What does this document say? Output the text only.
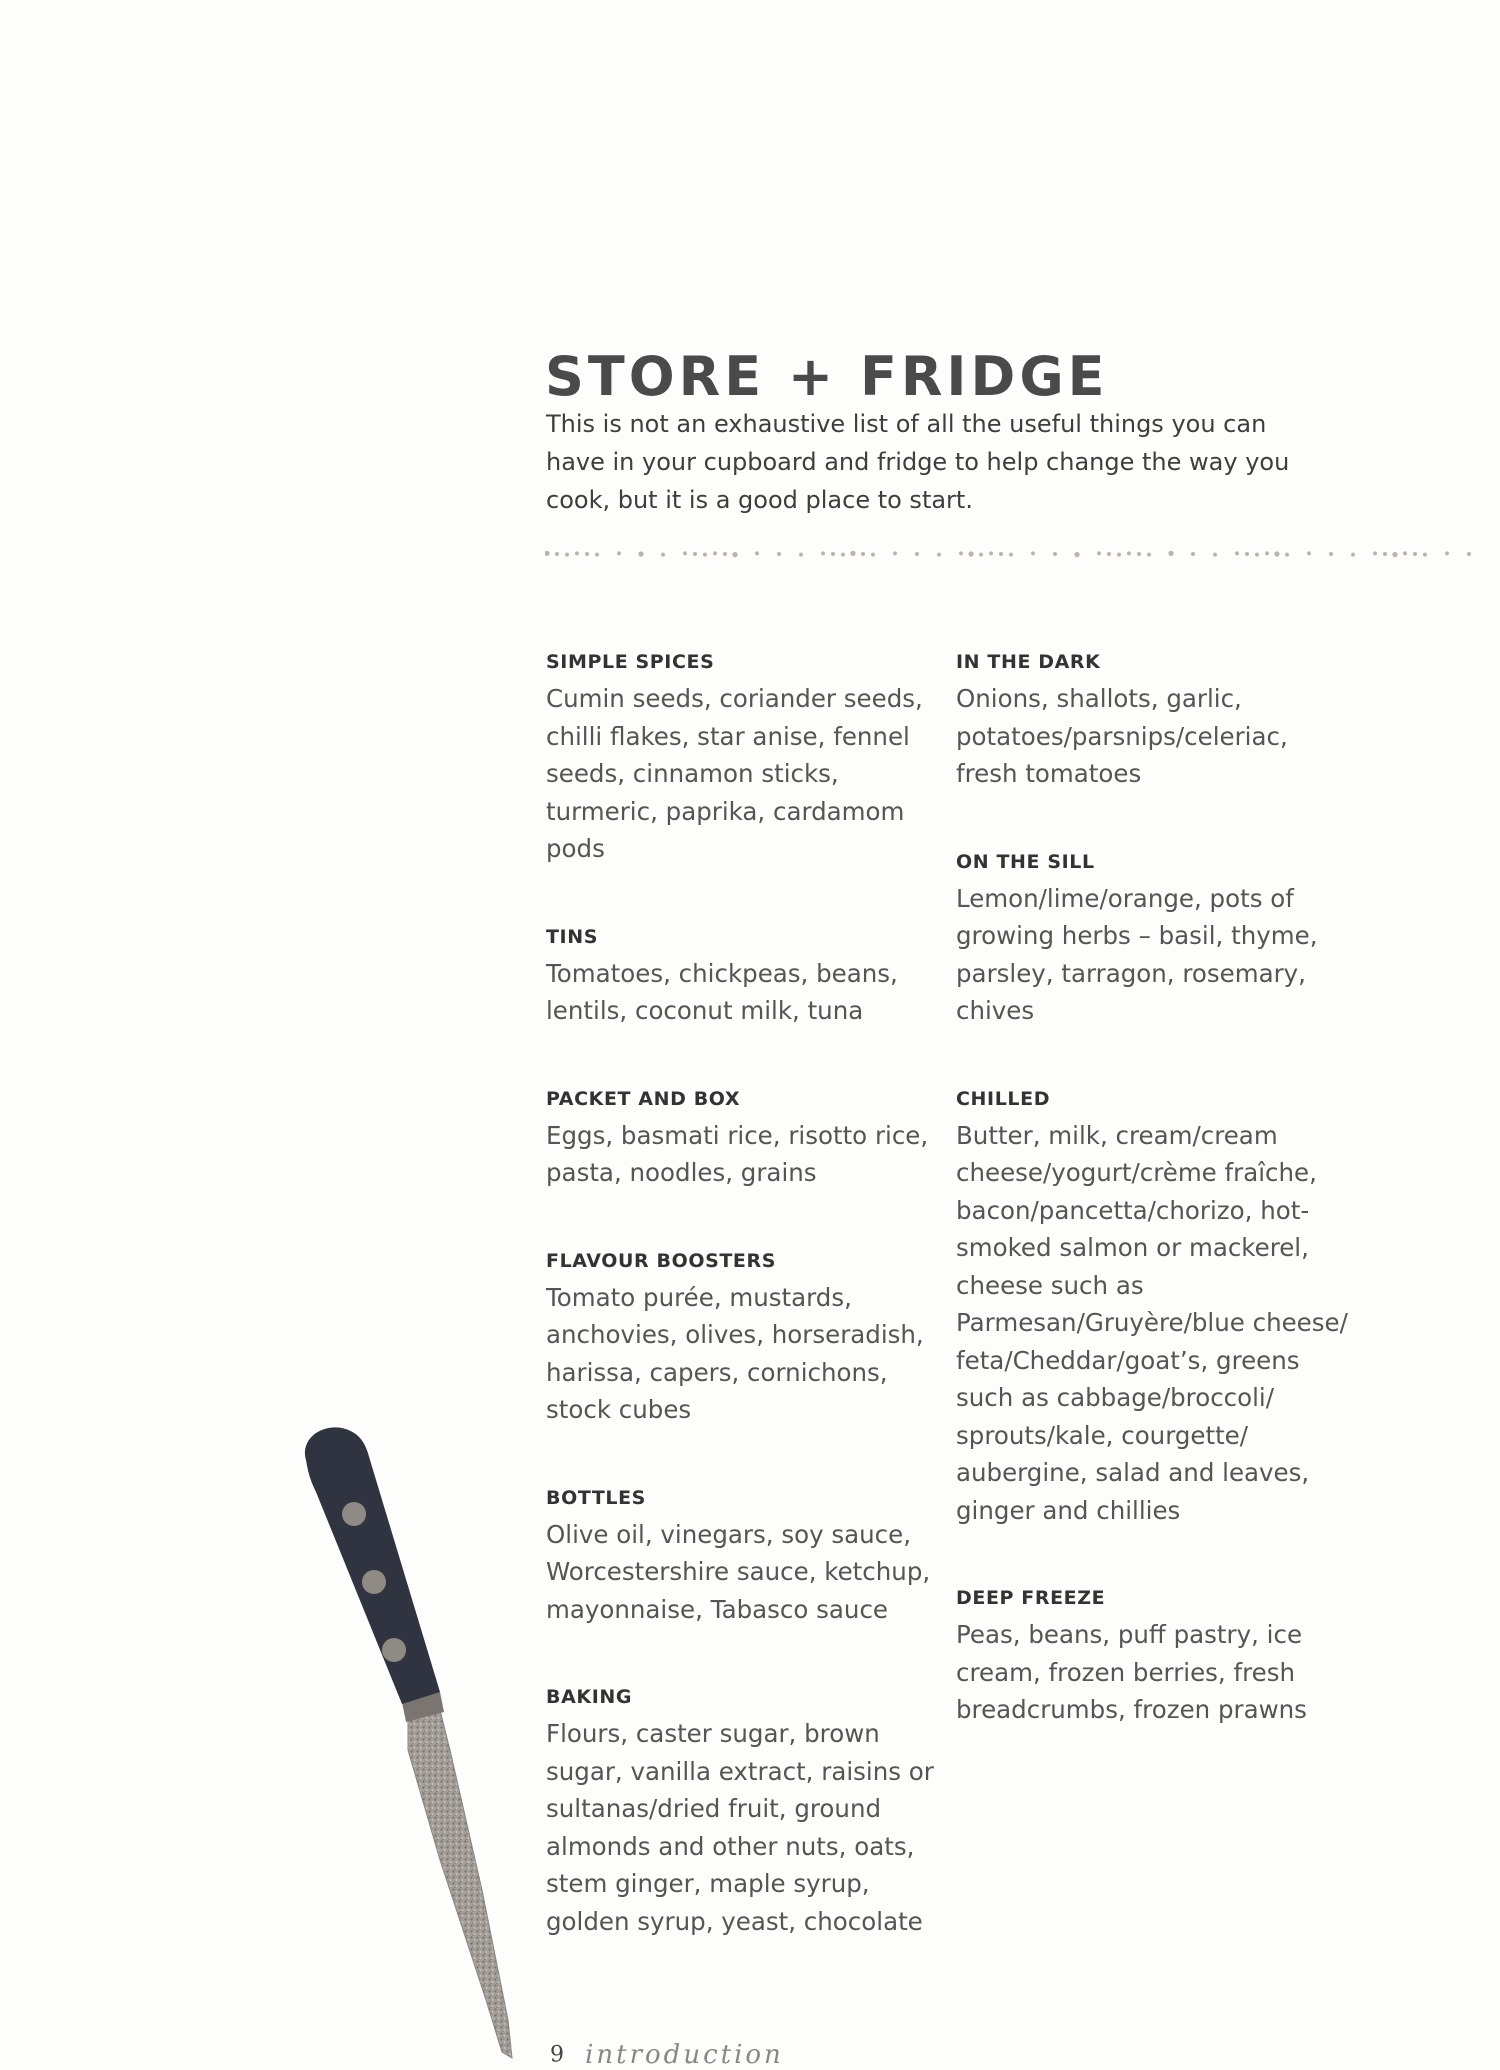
STORE + FRIDGE

This is not an exhaustive list of all the useful things you can have in your cupboard and fridge to help change the way you cook, but it is a good place to start.

SIMPLE SPICES

Cumin seeds, coriander seeds, chilli flakes, star anise, fennel seeds, cinnamon sticks, turmeric, paprika, cardamom pods

TINS

Tomatoes, chickpeas, beans, lentils, coconut milk, tuna

PACKET AND BOX

Eggs, basmati rice, risotto rice, pasta, noodles, grains

FLAVOUR BOOSTERS

Tomato purée, mustards, anchovies, olives, horseradish, harissa, capers, cornichons, stock cubes

BOTTLES

Olive oil, vinegars, soy sauce, Worcestershire sauce, ketchup, mayonnaise, Tabasco sauce

BAKING

Flours, caster sugar, brown sugar, vanilla extract, raisins or sultanas/dried fruit, ground almonds and other nuts, oats, stem ginger, maple syrup, golden syrup, yeast, chocolate

IN THE DARK

Onions, shallots, garlic, potatoes/parsnips/celeriac, fresh tomatoes

ON THE SILL

Lemon/lime/orange, pots of growing herbs – basil, thyme, parsley, tarragon, rosemary, chives

CHILLED

Butter, milk, cream/cream cheese/yogurt/crème fraîche, bacon/pancetta/chorizo, hot-smoked salmon or mackerel, cheese such as Parmesan/Gruyère/blue cheese/ feta/Cheddar/goat’s, greens such as cabbage/broccoli/ sprouts/kale, courgette/ aubergine, salad and leaves, ginger and chillies

DEEP FREEZE

Peas, beans, puff pastry, ice cream, frozen berries, fresh breadcrumbs, frozen prawns

9 introduction
